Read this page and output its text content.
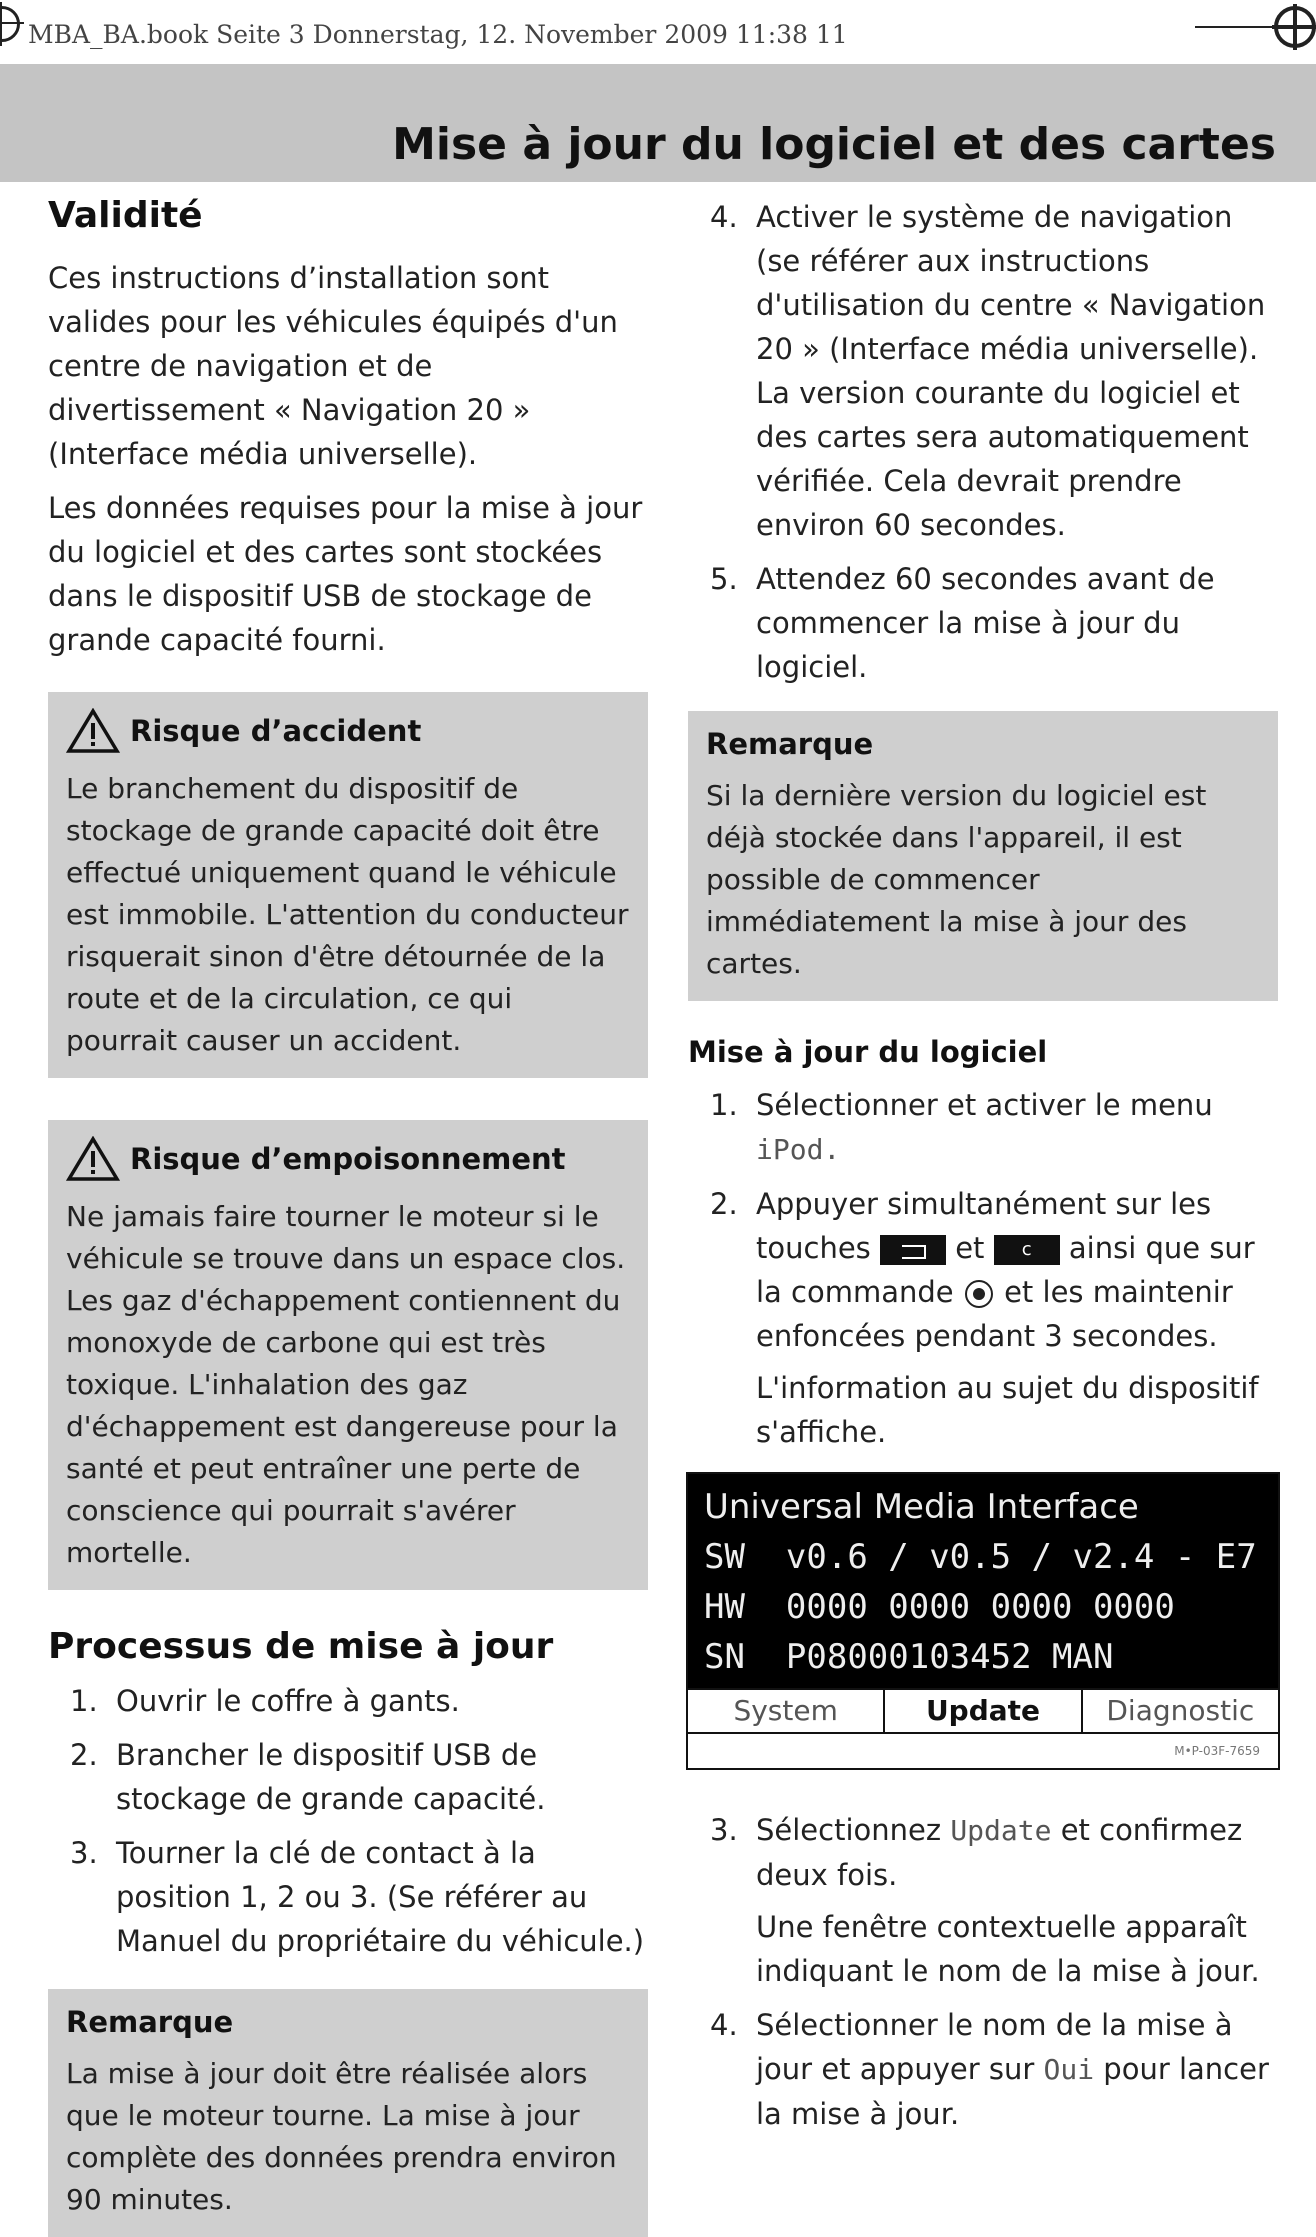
MBA_BA.book Seite 3 Donnerstag, 12. November 2009 11:38 11
Mise à jour du logiciel et des cartes
Validité

Ces instructions d’installation sont valides pour les véhicules équipés d'un centre de navigation et de divertissement « Navigation 20 » (Interface média universelle).

Les données requises pour la mise à jour du logiciel et des cartes sont stockées dans le dispositif USB de stockage de grande capacité fourni.

Risque d’accident

Le branchement du dispositif de stockage de grande capacité doit être effectué uniquement quand le véhicule est immobile. L'attention du conducteur risquerait sinon d'être détournée de la route et de la circulation, ce qui pourrait causer un accident.

Risque d’empoisonnement

Ne jamais faire tourner le moteur si le véhicule se trouve dans un espace clos. Les gaz d'échappement contiennent du monoxyde de carbone qui est très toxique. L'inhalation des gaz d'échappement est dangereuse pour la santé et peut entraîner une perte de conscience qui pourrait s'avérer mortelle.

Processus de mise à jour
1. Ouvrir le coffre à gants.

2. Brancher le dispositif USB de stockage de grande capacité.

3. Tourner la clé de contact à la position 1, 2 ou 3. (Se référer au Manuel du propriétaire du véhicule.)

Remarque

La mise à jour doit être réalisée alors que le moteur tourne. La mise à jour complète des données prendra environ 90 minutes.

4. Activer le système de navigation (se référer aux instructions d'utilisation du centre « Navigation 20 » (Interface média universelle).

La version courante du logiciel et des cartes sera automatiquement vérifiée. Cela devrait prendre environ 60 secondes.

5. Attendez 60 secondes avant de commencer la mise à jour du logiciel.

Remarque

Si la dernière version du logiciel est déjà stockée dans l'appareil, il est possible de commencer immédiatement la mise à jour des cartes.

Mise à jour du logiciel
1. Sélectionner et activer le menu
iPod.

2. Appuyer simultanément sur les touches	et c ainsi que sur la commande et les maintenir enfoncées pendant 3 secondes.

L'information au sujet du dispositif s'affiche.

Universal Media Interface
SW v0.6 / v0.5 / v2.4 - E7
HW 0000 0000 0000 0000
SN P08000103452 MAN
System	Update	Diagnostic
M•P-03F-7659
3. Sélectionnez Update et confirmez deux fois.

Une fenêtre contextuelle apparaît indiquant le nom de la mise à jour.

4. Sélectionner le nom de la mise à jour et appuyer sur Oui pour lancer la mise à jour.
